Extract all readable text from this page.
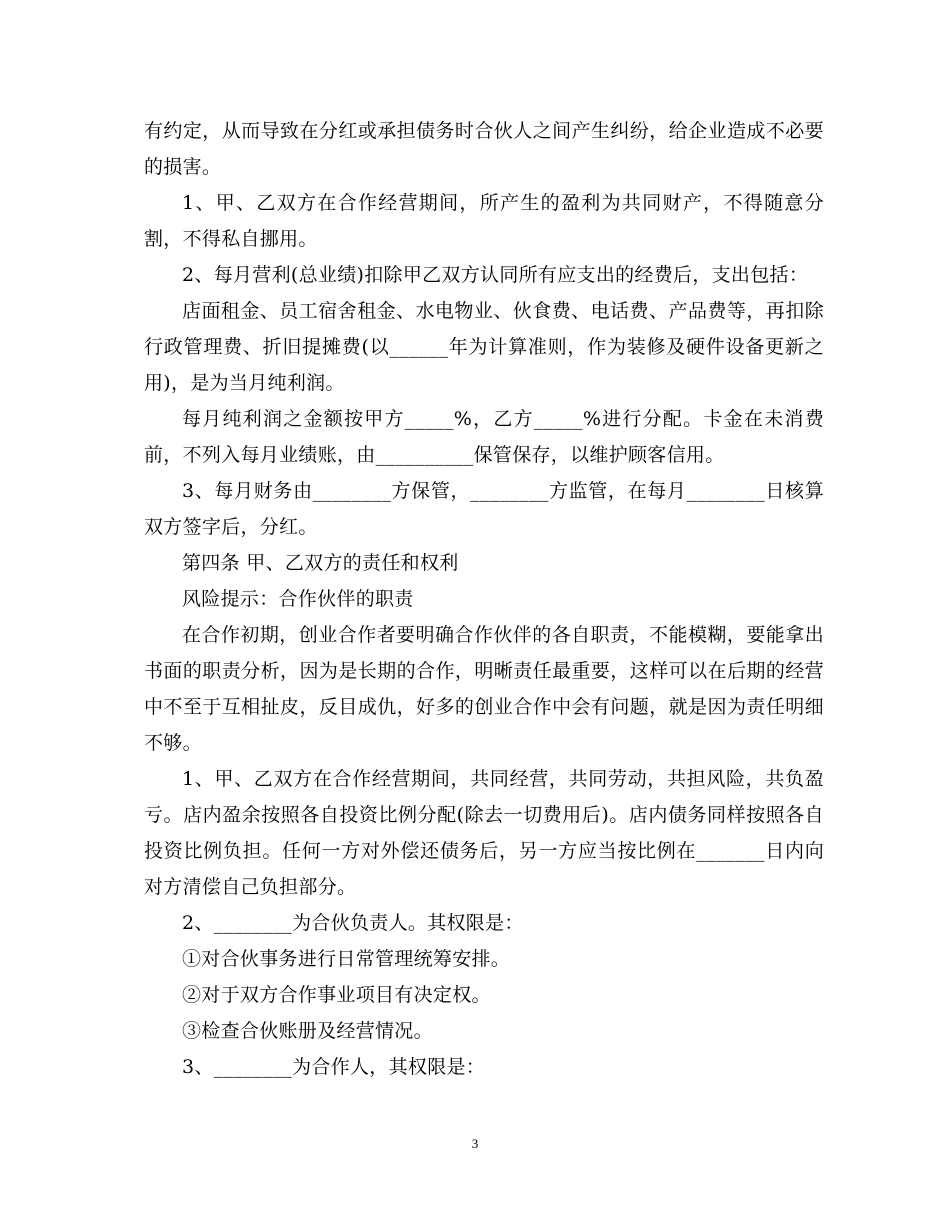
有约定，从而导致在分红或承担债务时合伙人之间产生纠纷，给企业造成不必要的损害。

1、甲、乙双方在合作经营期间，所产生的盈利为共同财产，不得随意分割，不得私自挪用。

2、每月营利(总业绩)扣除甲乙双方认同所有应支出的经费后，支出包括：

店面租金、员工宿舍租金、水电物业、伙食费、电话费、产品费等，再扣除行政管理费、折旧提摊费(以______年为计算准则，作为装修及硬件设备更新之用)，是为当月纯利润。

每月纯利润之金额按甲方_____%，乙方_____%进行分配。卡金在未消费前，不列入每月业绩账，由__________保管保存，以维护顾客信用。

3、每月财务由________方保管，________方监管，在每月________日核算双方签字后，分红。

第四条 甲、乙双方的责任和权利

风险提示：合作伙伴的职责

在合作初期，创业合作者要明确合作伙伴的各自职责，不能模糊，要能拿出书面的职责分析，因为是长期的合作，明晰责任最重要，这样可以在后期的经营中不至于互相扯皮，反目成仇，好多的创业合作中会有问题，就是因为责任明细不够。

1、甲、乙双方在合作经营期间，共同经营，共同劳动，共担风险，共负盈亏。店内盈余按照各自投资比例分配(除去一切费用后)。店内债务同样按照各自投资比例负担。任何一方对外偿还债务后，另一方应当按比例在_______日内向对方清偿自己负担部分。

2、________为合伙负责人。其权限是：

①对合伙事务进行日常管理统筹安排。

②对于双方合作事业项目有决定权。

③检查合伙账册及经营情况。

3、________为合作人，其权限是：

3
